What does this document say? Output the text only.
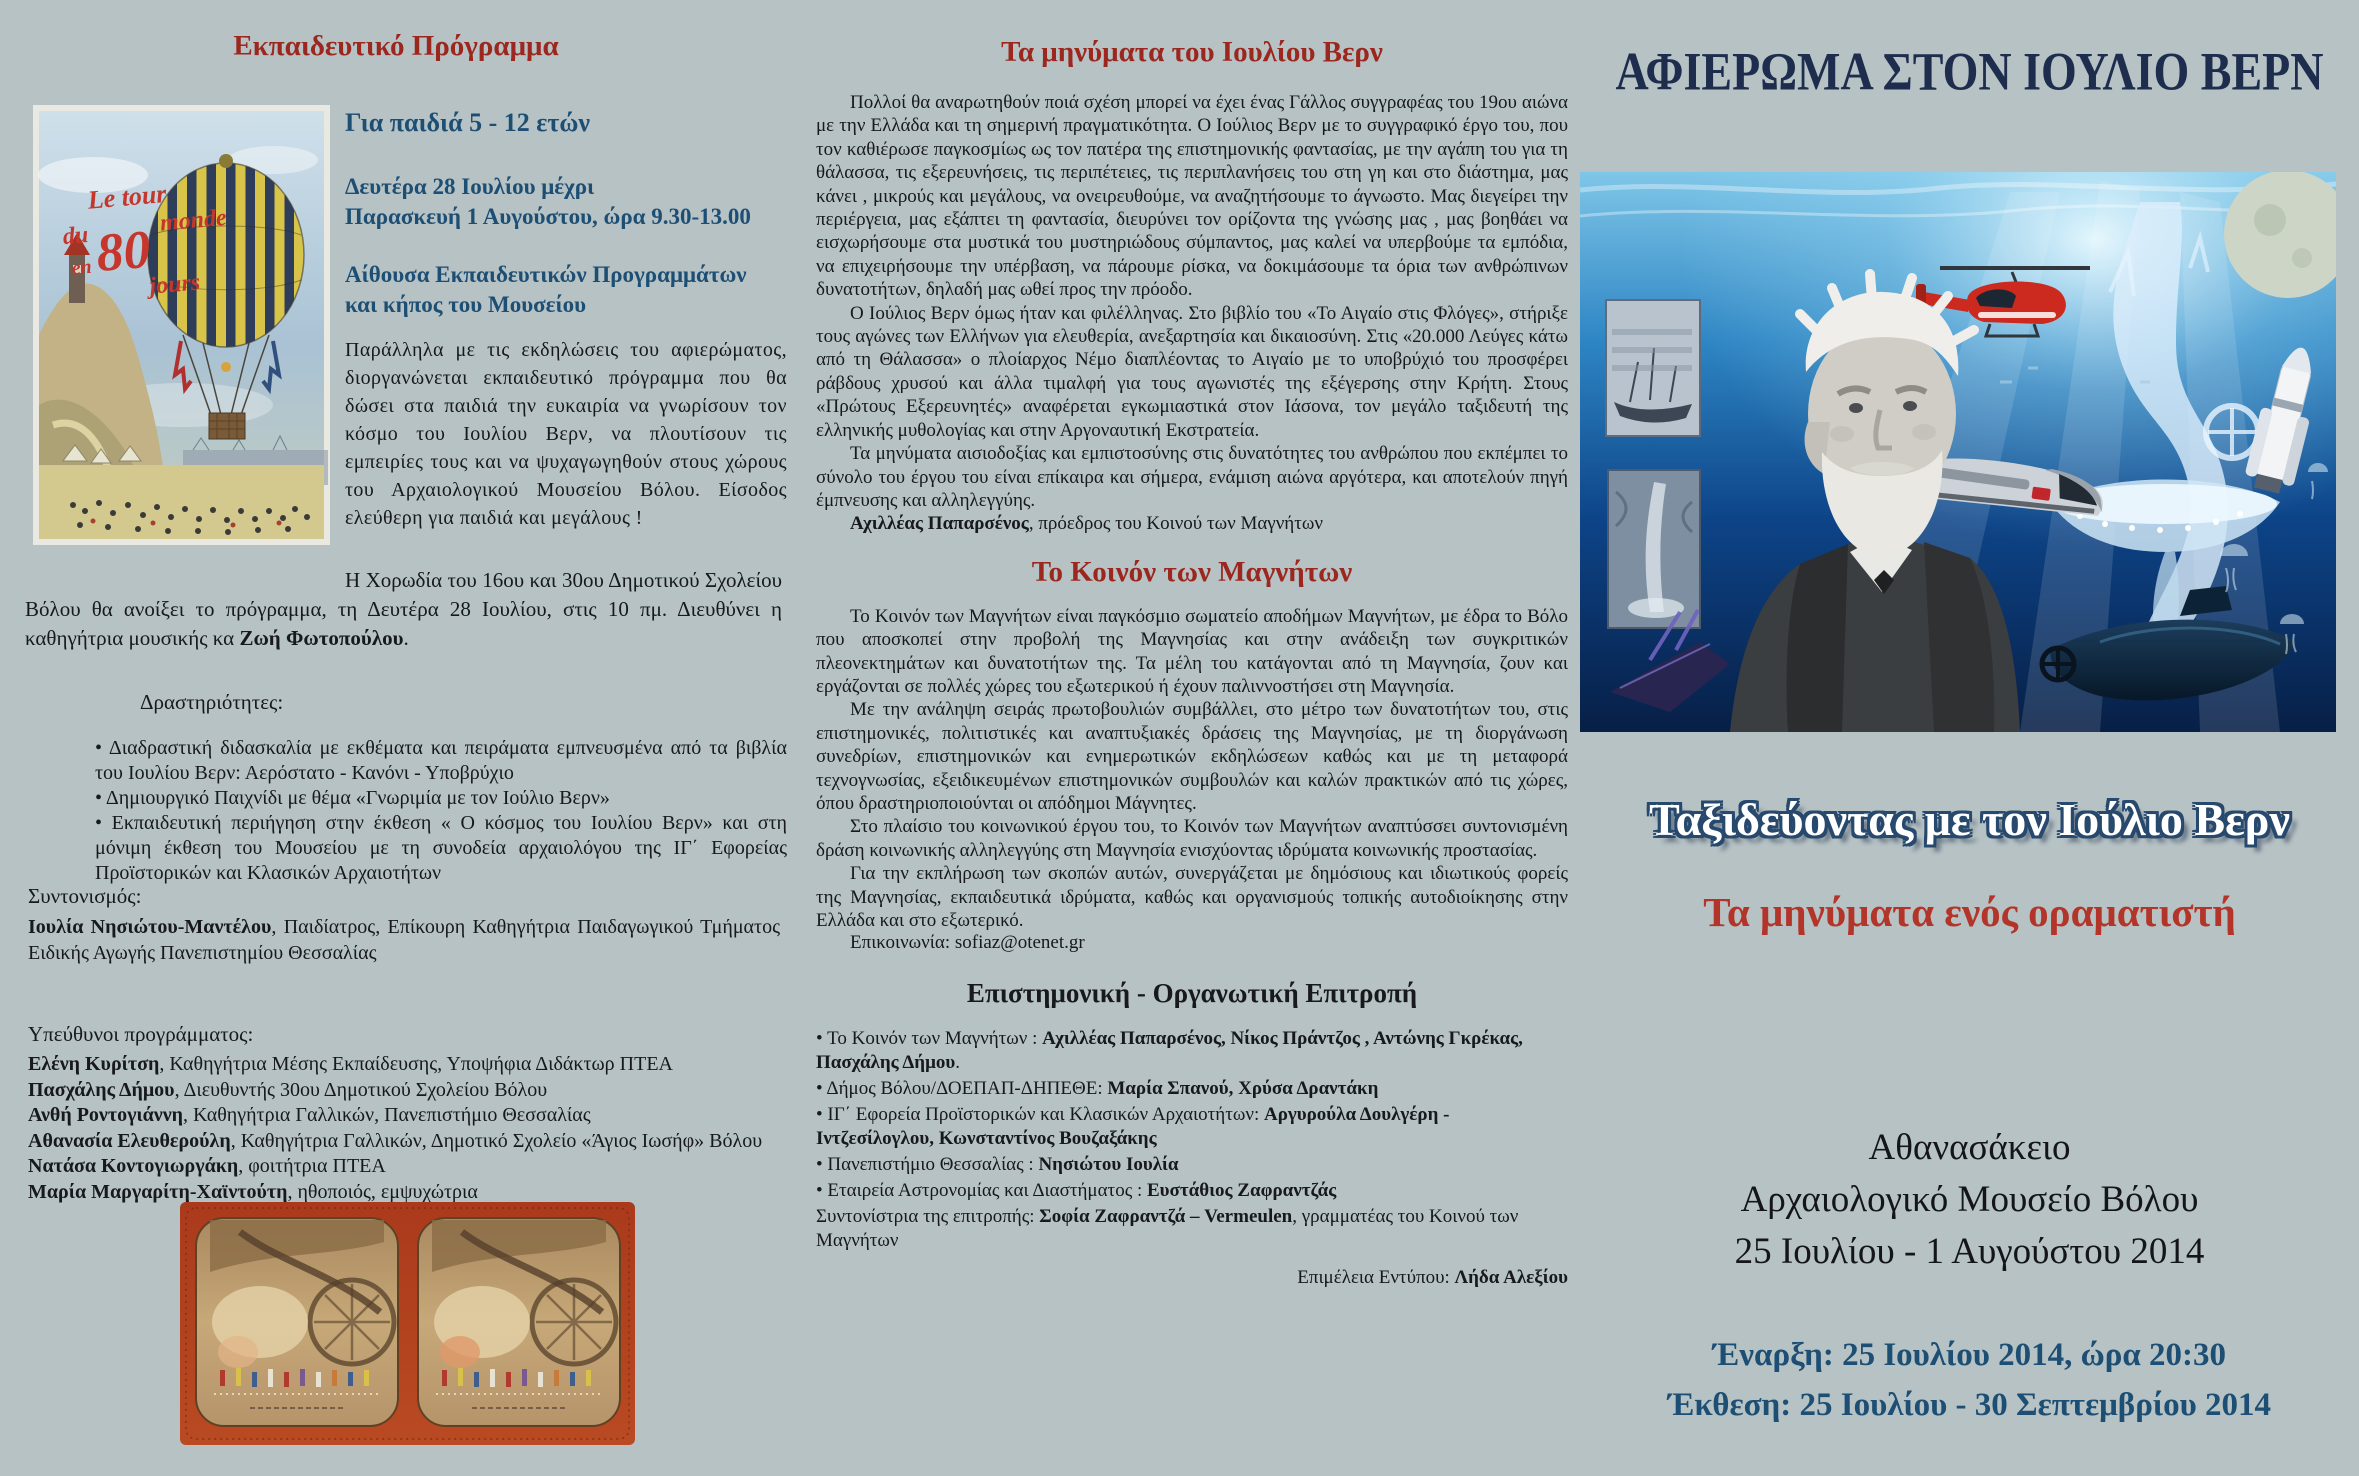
Εκπαιδευτικό Πρόγραμμα
Le tour
du 80 monde
en
jours

Για παιδιά 5 - 12 ετών

Δευτέρα 28 Ιουλίου μέχρι
Παρασκευή 1 Αυγούστου, ώρα 9.30-13.00

Αίθουσα Εκπαιδευτικών Προγραμμάτων
και κήπος του Μουσείου

Παράλληλα με τις εκδηλώσεις του αφιερώματος, διοργανώνεται εκπαιδευτικό πρόγραμμα που θα δώσει στα παιδιά την ευκαιρία να γνωρίσουν τον κόσμο του Ιουλίου Βερν, να πλουτίσουν τις εμπειρίες τους και να ψυχαγωγηθούν στους χώρους του Αρχαιολογικού Μουσείου Βόλου. Είσοδος ελεύθερη για παιδιά και μεγάλους !

Η Χορωδία του 16ου και 30ου Δημοτικού Σχολείου Βόλου θα ανοίξει το πρόγραμμα, τη Δευτέρα 28 Ιουλίου, στις 10 πμ. Διευθύνει η καθηγήτρια μουσικής κα Ζωή Φωτοπούλου.

Δραστηριότητες:

• Διαδραστική διδασκαλία με εκθέματα και πειράματα εμπνευσμένα από τα βιβλία του Ιουλίου Βερν: Αερόστατο - Κανόνι - Υποβρύχιο

• Δημιουργικό Παιχνίδι με θέμα «Γνωριμία με τον Ιούλιο Βερν»

• Εκπαιδευτική περιήγηση στην έκθεση « Ο κόσμος του Ιουλίου Βερν» και στη μόνιμη έκθεση του Μουσείου με τη συνοδεία αρχαιολόγου της ΙΓ΄ Εφορείας Προϊστορικών και Κλασικών Αρχαιοτήτων

Συντονισμός:

Ιουλία Νησιώτου-Μαντέλου, Παιδίατρος, Επίκουρη Καθηγήτρια Παιδαγωγικού Τμήματος Ειδικής Αγωγής Πανεπιστημίου Θεσσαλίας

Υπεύθυνοι προγράμματος:

Ελένη Κυρίτση, Καθηγήτρια Μέσης Εκπαίδευσης, Υποψήφια Διδάκτωρ ΠΤΕΑ

Πασχάλης Δήμου, Διευθυντής 30ου Δημοτικού Σχολείου Βόλου

Ανθή Ροντογιάννη, Καθηγήτρια Γαλλικών, Πανεπιστήμιο Θεσσαλίας

Αθανασία Ελευθερούλη, Καθηγήτρια Γαλλικών, Δημοτικό Σχολείο «Άγιος Ιωσήφ» Βόλου

Νατάσα Κοντογιωργάκη, φοιτήτρια ΠΤΕΑ

Μαρία Μαργαρίτη-Χαϊντούτη, ηθοποιός, εμψυχώτρια

Τα μηνύματα του Ιουλίου Βερν

Πολλοί θα αναρωτηθούν ποιά σχέση μπορεί να έχει ένας Γάλλος συγγραφέας του 19ου αιώνα με την Ελλάδα και τη σημερινή πραγματικότητα. Ο Ιούλιος Βερν με το συγγραφικό έργο του, που τον καθιέρωσε παγκοσμίως ως τον πατέρα της επιστημονικής φαντασίας, με την αγάπη του για τη θάλασσα, τις εξερευνήσεις, τις περιπέτειες, τις περιπλανήσεις του στη γη και στο διάστημα, μας κάνει , μικρούς και μεγάλους, να ονειρευθούμε, να αναζητήσουμε το άγνωστο. Μας διεγείρει την περιέργεια, μας εξάπτει τη φαντασία, διευρύνει τον ορίζοντα της γνώσης μας , μας βοηθάει να εισχωρήσουμε στα μυστικά του μυστηριώδους σύμπαντος, μας καλεί να υπερβούμε τα εμπόδια, να επιχειρήσουμε την υπέρβαση, να πάρουμε ρίσκα, να δοκιμάσουμε τα όρια των ανθρώπινων δυνατοτήτων, δηλαδή μας ωθεί προς την πρόοδο.

Ο Ιούλιος Βερν όμως ήταν και φιλέλληνας. Στο βιβλίο του «Το Αιγαίο στις Φλόγες», στήριξε τους αγώνες των Ελλήνων για ελευθερία, ανεξαρτησία και δικαιοσύνη. Στις «20.000 Λεύγες κάτω από τη Θάλασσα» ο πλοίαρχος Νέμο διαπλέοντας το Αιγαίο με το υποβρύχιό του προσφέρει ράβδους χρυσού και άλλα τιμαλφή για τους αγωνιστές της εξέγερσης στην Κρήτη. Στους «Πρώτους Εξερευνητές» αναφέρεται εγκωμιαστικά στον Ιάσονα, τον μεγάλο ταξιδευτή της ελληνικής μυθολογίας και στην Αργοναυτική Εκστρατεία.

Τα μηνύματα αισιοδοξίας και εμπιστοσύνης στις δυνατότητες του ανθρώπου που εκπέμπει το σύνολο του έργου του είναι επίκαιρα και σήμερα, ενάμιση αιώνα αργότερα, και αποτελούν πηγή έμπνευσης και αλληλεγγύης.

Αχιλλέας Παπαρσένος, πρόεδρος του Κοινού των Μαγνήτων

Το Κοινόν των Μαγνήτων

Το Κοινόν των Μαγνήτων είναι παγκόσμιο σωματείο αποδήμων Μαγνήτων, με έδρα το Βόλο που αποσκοπεί στην προβολή της Μαγνησίας και στην ανάδειξη των συγκριτικών πλεονεκτημάτων και δυνατοτήτων της. Τα μέλη του κατάγονται από τη Μαγνησία, ζουν και εργάζονται σε πολλές χώρες του εξωτερικού ή έχουν παλιννοστήσει στη Μαγνησία.

Με την ανάληψη σειράς πρωτοβουλιών συμβάλλει, στο μέτρο των δυνατοτήτων του, στις επιστημονικές, πολιτιστικές και αναπτυξιακές δράσεις της Μαγνησίας, με τη διοργάνωση συνεδρίων, επιστημονικών και ενημερωτικών εκδηλώσεων καθώς και με τη μεταφορά τεχνογνωσίας, εξειδικευμένων επιστημονικών συμβουλών και καλών πρακτικών από τις χώρες, όπου δραστηριοποιούνται οι απόδημοι Μάγνητες.

Στο πλαίσιο του κοινωνικού έργου του, το Κοινόν των Μαγνήτων αναπτύσσει συντονισμένη δράση κοινωνικής αλληλεγγύης στη Μαγνησία ενισχύοντας ιδρύματα κοινωνικής προστασίας.

Για την εκπλήρωση των σκοπών αυτών, συνεργάζεται με δημόσιους και ιδιωτικούς φορείς της Μαγνησίας, εκπαιδευτικά ιδρύματα, καθώς και οργανισμούς τοπικής αυτοδιοίκησης στην Ελλάδα και στο εξωτερικό.

Επικοινωνία: sofiaz@otenet.gr

Επιστημονική - Οργανωτική Επιτροπή

• Το Κοινόν των Μαγνήτων : Αχιλλέας Παπαρσένος, Νίκος Πράντζος , Αντώνης Γκρέκας, Πασχάλης Δήμου.

• Δήμος Βόλου/ΔΟΕΠΑΠ-ΔΗΠΕΘΕ: Μαρία Σπανού, Χρύσα Δραντάκη

• ΙΓ΄ Εφορεία Προϊστορικών και Κλασικών Αρχαιοτήτων: Αργυρούλα Δουλγέρη - Ιντζεσίλογλου, Κωνσταντίνος Βουζαξάκης

• Πανεπιστήμιο Θεσσαλίας : Νησιώτου Ιουλία

• Εταιρεία Αστρονομίας και Διαστήματος : Ευστάθιος Ζαφραντζάς

Συντονίστρια της επιτροπής: Σοφία Ζαφραντζά – Vermeulen, γραμματέας του Κοινού των Μαγνήτων

Επιμέλεια Εντύπου: Λήδα Αλεξίου

ΑΦΙΕΡΩΜΑ ΣΤΟΝ ΙΟΥΛΙΟ ΒΕΡΝ
Ταξιδεύοντας με τον Ιούλιο Βερν
Τα μηνύματα ενός οραματιστή
Αθανασάκειο
Αρχαιολογικό Μουσείο Βόλου
25 Ιουλίου - 1 Αυγούστου 2014
Έναρξη: 25 Ιουλίου 2014, ώρα 20:30
Έκθεση: 25 Ιουλίου - 30 Σεπτεμβρίου 2014
